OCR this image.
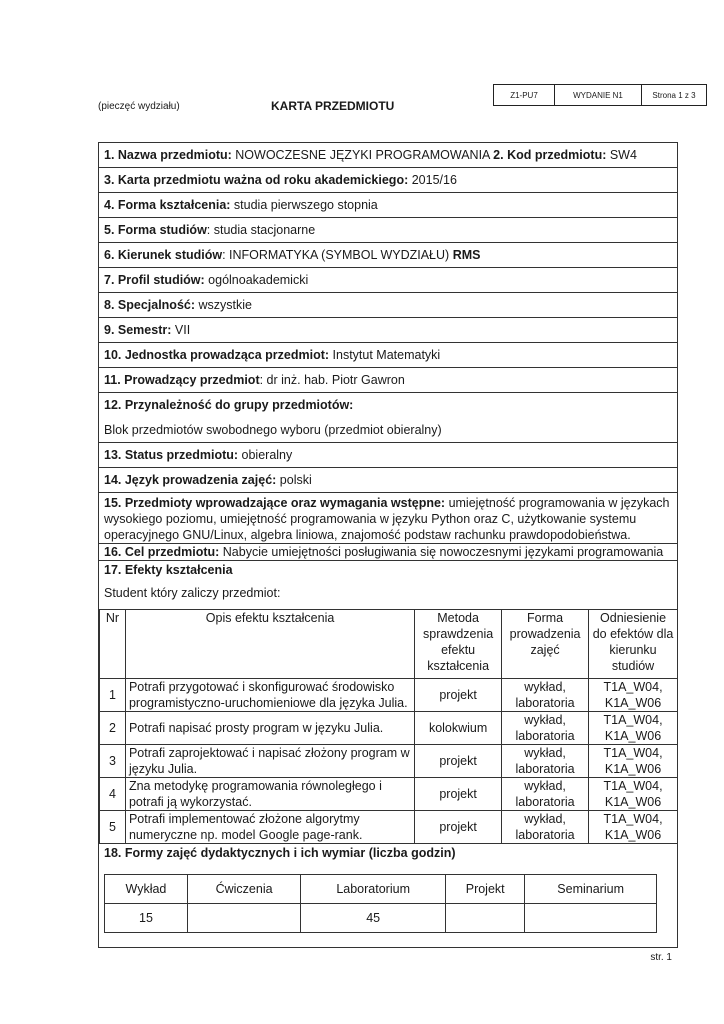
Z1-PU7	WYDANIE N1	Strona 1 z 3
(pieczęć wydziału)	KARTA PRZEDMIOTU
1. Nazwa przedmiotu: NOWOCZESNE JĘZYKI PROGRAMOWANIA 2. Kod przedmiotu: SW4
3. Karta przedmiotu ważna od roku akademickiego: 2015/16
4. Forma kształcenia: studia pierwszego stopnia
5. Forma studiów: studia stacjonarne
6. Kierunek studiów: INFORMATYKA (SYMBOL WYDZIAŁU) RMS
7. Profil studiów: ogólnoakademicki
8. Specjalność: wszystkie
9. Semestr: VII
10. Jednostka prowadząca przedmiot: Instytut Matematyki
11. Prowadzący przedmiot: dr inż. hab. Piotr Gawron
12. Przynależność do grupy przedmiotów:

Blok przedmiotów swobodnego wyboru (przedmiot obieralny)
13. Status przedmiotu: obieralny
14. Język prowadzenia zajęć: polski
15. Przedmioty wprowadzające oraz wymagania wstępne: umiejętność programowania w językach wysokiego poziomu, umiejętność programowania w języku Python oraz C, użytkowanie systemu operacyjnego GNU/Linux, algebra liniowa, znajomość podstaw rachunku prawdopodobieństwa.
16. Cel przedmiotu: Nabycie umiejętności posługiwania się nowoczesnymi językami programowania
17. Efekty kształcenia
Student który zaliczy przedmiot:
Nr	Opis efektu kształcenia	Metoda sprawdzenia efektu kształcenia	Forma prowadzenia zajęć	Odniesienie do efektów dla kierunku studiów
1	Potrafi przygotować i skonfigurować środowisko programistyczno-uruchomieniowe dla języka Julia.	projekt	wykład, laboratoria	T1A_W04, K1A_W06
2	Potrafi napisać prosty program w języku Julia.	kolokwium	wykład, laboratoria	T1A_W04, K1A_W06
3	Potrafi zaprojektować i napisać złożony program w języku Julia.	projekt	wykład, laboratoria	T1A_W04, K1A_W06
4	Zna metodykę programowania równoległego i potrafi ją wykorzystać.	projekt	wykład, laboratoria	T1A_W04, K1A_W06
5	Potrafi implementować złożone algorytmy numeryczne np. model Google page-rank.	projekt	wykład, laboratoria	T1A_W04, K1A_W06
18. Formy zajęć dydaktycznych i ich wymiar (liczba godzin)
Wykład	Ćwiczenia	Laboratorium	Projekt	Seminarium
15		45		
str. 1
